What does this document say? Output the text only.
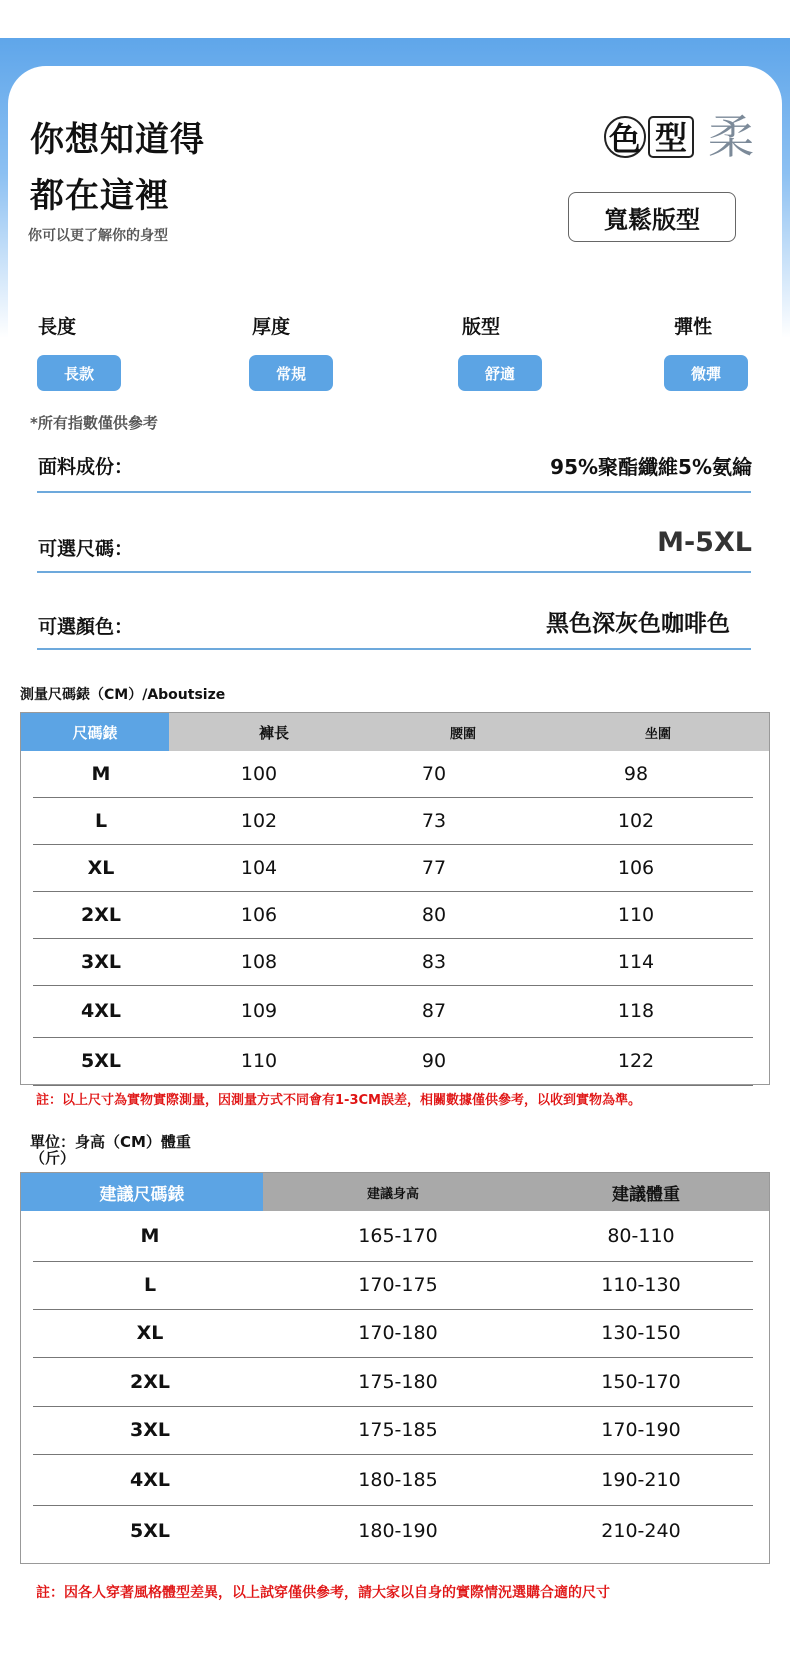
你想知道得
都在這裡
你可以更了解你的身型
色 型 柔
寬鬆版型
長度	厚度	版型	彈性
長款	常規	舒適	微彈
*所有指數僅供參考
面料成份：	95%聚酯纖維5%氨綸
可選尺碼：	M-5XL
可選顏色：	黑色深灰色咖啡色
測量尺碼錶（CM）/Aboutsize
尺碼錶	褲長	腰圍	坐圍
M	100	70	98
L	102	73	102
XL	104	77	106
2XL	106	80	110
3XL	108	83	114
4XL	109	87	118
5XL	110	90	122
註：以上尺寸為實物實際測量，因測量方式不同會有1-3CM誤差，相關數據僅供參考，以收到實物為準。
單位：身高（CM）體重（斤）
建議尺碼錶	建議身高	建議體重
M	165-170	80-110
L	170-175	110-130
XL	170-180	130-150
2XL	175-180	150-170
3XL	175-185	170-190
4XL	180-185	190-210
5XL	180-190	210-240
註：因各人穿著風格體型差異，以上試穿僅供參考，請大家以自身的實際情況選購合適的尺寸
